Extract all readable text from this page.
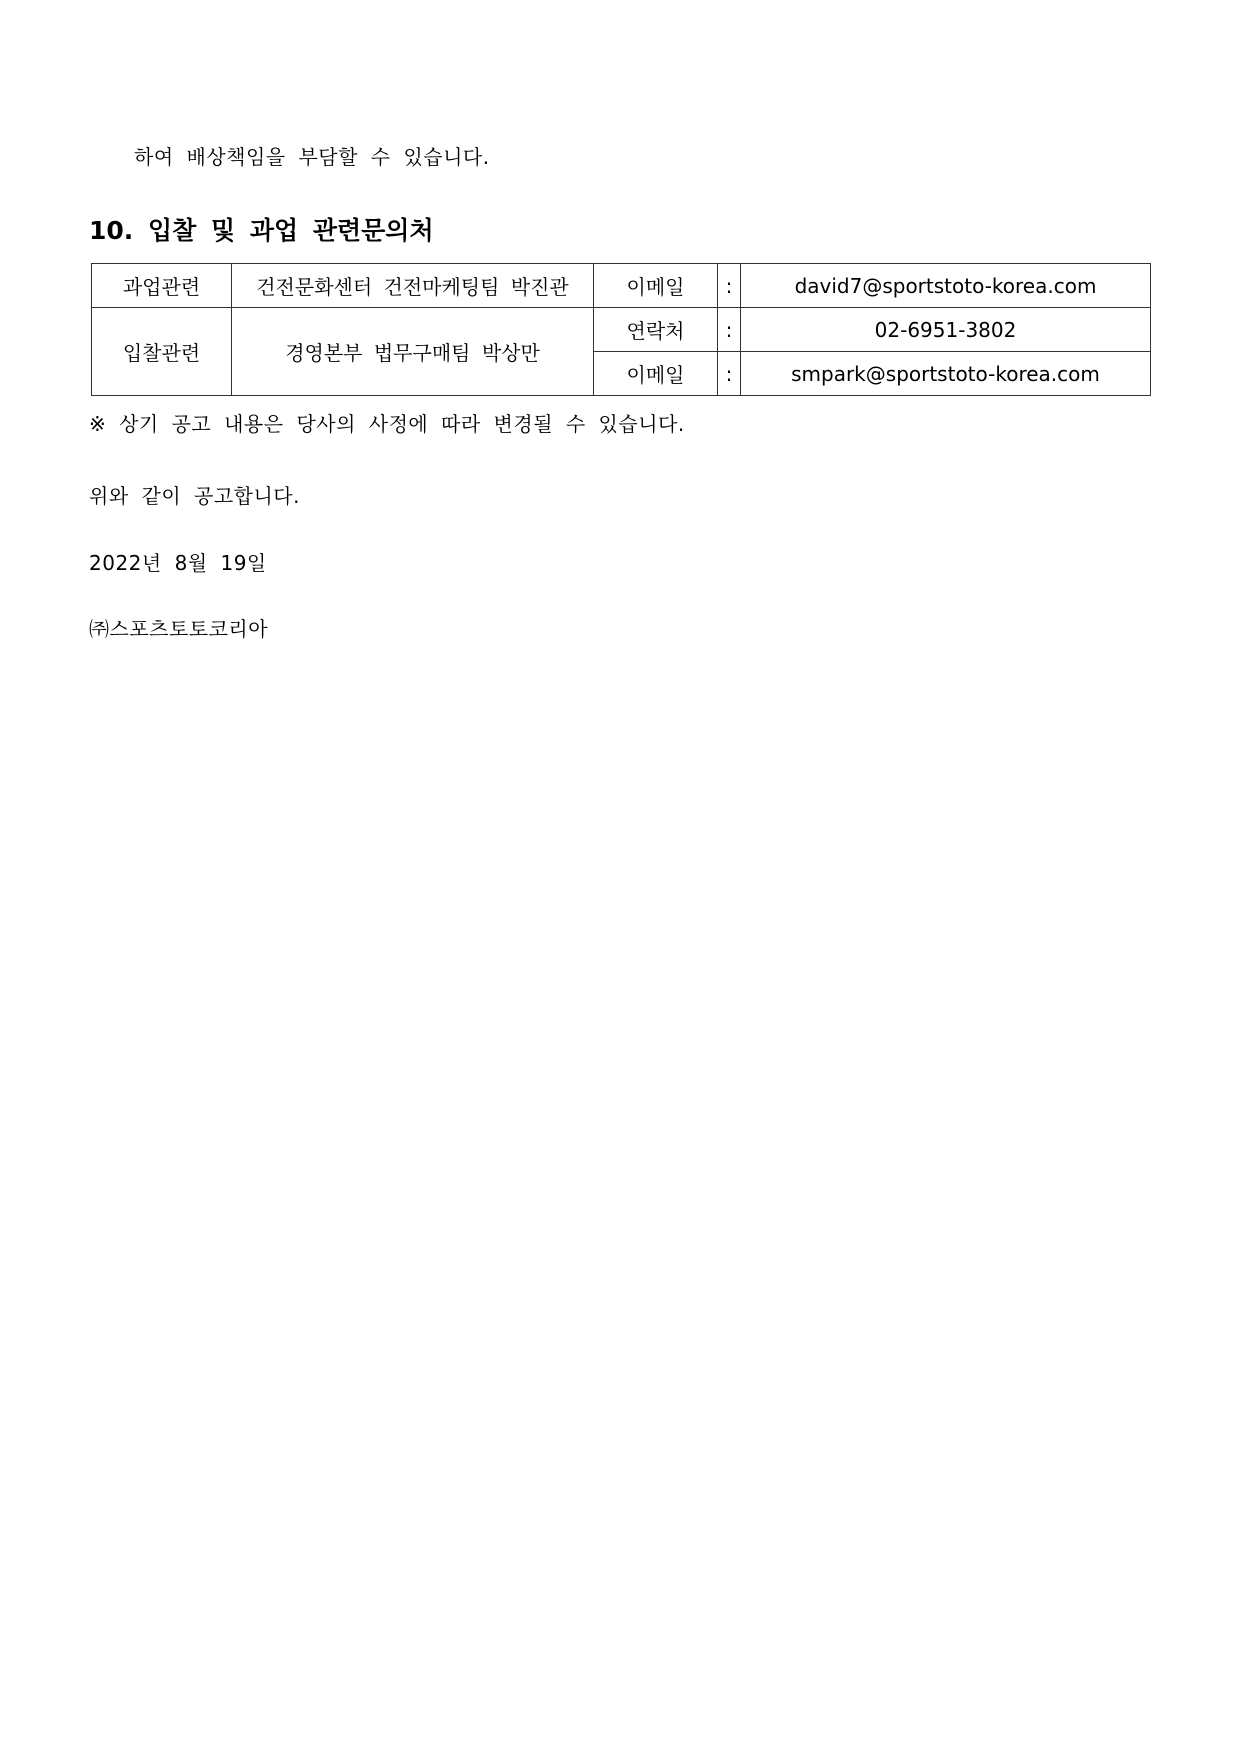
하여 배상책임을 부담할 수 있습니다.
10. 입찰 및 과업 관련문의처
과업관련	건전문화센터 건전마케팅팀 박진관	이메일	:	david7@sportstoto-korea.com
입찰관련	경영본부 법무구매팀 박상만	연락처	:	02-6951-3802
		이메일	:	smpark@sportstoto-korea.com
※ 상기 공고 내용은 당사의 사정에 따라 변경될 수 있습니다.
위와 같이 공고합니다.
2022년 8월 19일
㈜스포츠토토코리아
